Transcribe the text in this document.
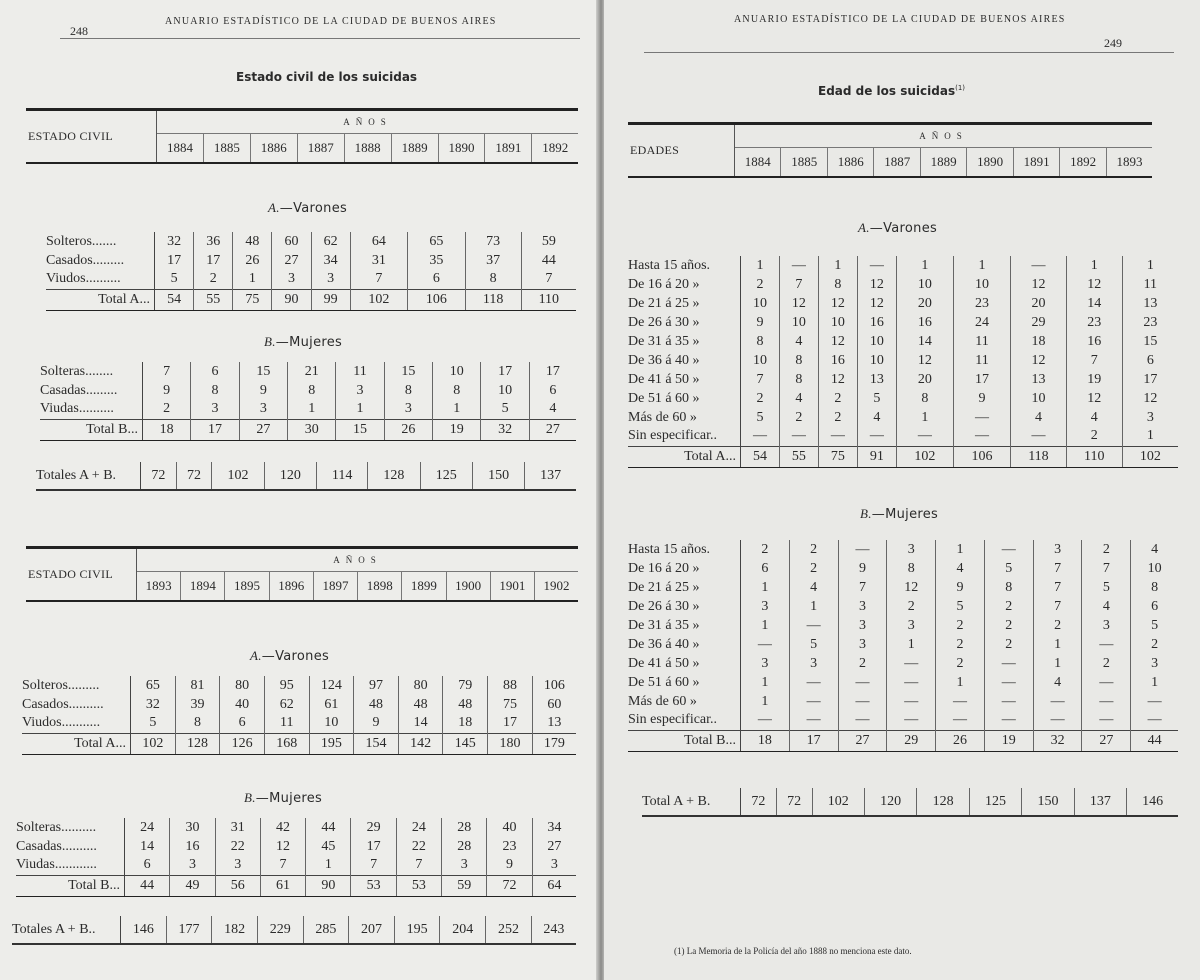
248
ANUARIO ESTADÍSTICO DE LA CIUDAD DE BUENOS AIRES
Estado civil de los suicidas
ESTADO CIVIL	AÑOS								
	1884	1885	1886	1887	1888	1889	1890	1891	1892
A.—Varones
Solteros.......	32	36	48	60	62	64	65	73	59
Casados.........	17	17	26	27	34	31	35	37	44
Viudos..........	5	2	1	3	3	7	6	8	7
Total A...	54	55	75	90	99	102	106	118	110
B.—Mujeres
Solteras........	7	6	15	21	11	15	10	17	17
Casadas.........	9	8	9	8	3	8	8	10	6
Viudas..........	2	3	3	1	1	3	1	5	4
Total B...	18	17	27	30	15	26	19	32	27
Totales A + B.	72	72	102	120	114	128	125	150	137
ESTADO CIVIL	AÑOS									
	1893	1894	1895	1896	1897	1898	1899	1900	1901	1902
A.—Varones
Solteros.........	65	81	80	95	124	97	80	79	88	106
Casados..........	32	39	40	62	61	48	48	48	75	60
Viudos...........	5	8	6	11	10	9	14	18	17	13
Total A...	102	128	126	168	195	154	142	145	180	179
B.—Mujeres
Solteras..........	24	30	31	42	44	29	24	28	40	34
Casadas..........	14	16	22	12	45	17	22	28	23	27
Viudas............	6	3	3	7	1	7	7	3	9	3
Total B...	44	49	56	61	90	53	53	59	72	64
Totales A + B..	146	177	182	229	285	207	195	204	252	243
ANUARIO ESTADÍSTICO DE LA CIUDAD DE BUENOS AIRES
249
Edad de los suicidas$^{(1)}$
EDADES	AÑOS								
	1884	1885	1886	1887	1889	1890	1891	1892	1893
A.—Varones
Hasta 15 años.	1	—	1	—	1	1	—	1	1
De 16 á 20 »	2	7	8	12	10	10	12	12	11
De 21 á 25 »	10	12	12	12	20	23	20	14	13
De 26 á 30 »	9	10	10	16	16	24	29	23	23
De 31 á 35 »	8	4	12	10	14	11	18	16	15
De 36 á 40 »	10	8	16	10	12	11	12	7	6
De 41 á 50 »	7	8	12	13	20	17	13	19	17
De 51 á 60 »	2	4	2	5	8	9	10	12	12
Más de 60 »	5	2	2	4	1	—	4	4	3
Sin especificar..	—	—	—	—	—	—	—	2	1
Total A...	54	55	75	91	102	106	118	110	102
B.—Mujeres
Hasta 15 años.	2	2	—	3	1	—	3	2	4
De 16 á 20 »	6	2	9	8	4	5	7	7	10
De 21 á 25 »	1	4	7	12	9	8	7	5	8
De 26 á 30 »	3	1	3	2	5	2	7	4	6
De 31 á 35 »	1	—	3	3	2	2	2	3	5
De 36 á 40 »	—	5	3	1	2	2	1	—	2
De 41 á 50 »	3	3	2	—	2	—	1	2	3
De 51 á 60 »	1	—	—	—	1	—	4	—	1
Más de 60 »	1	—	—	—	—	—	—	—	—
Sin especificar..	—	—	—	—	—	—	—	—	—
Total B...	18	17	27	29	26	19	32	27	44
Total A + B.	72	72	102	120	128	125	150	137	146
(1) La Memoria de la Policía del año 1888 no menciona este dato.
